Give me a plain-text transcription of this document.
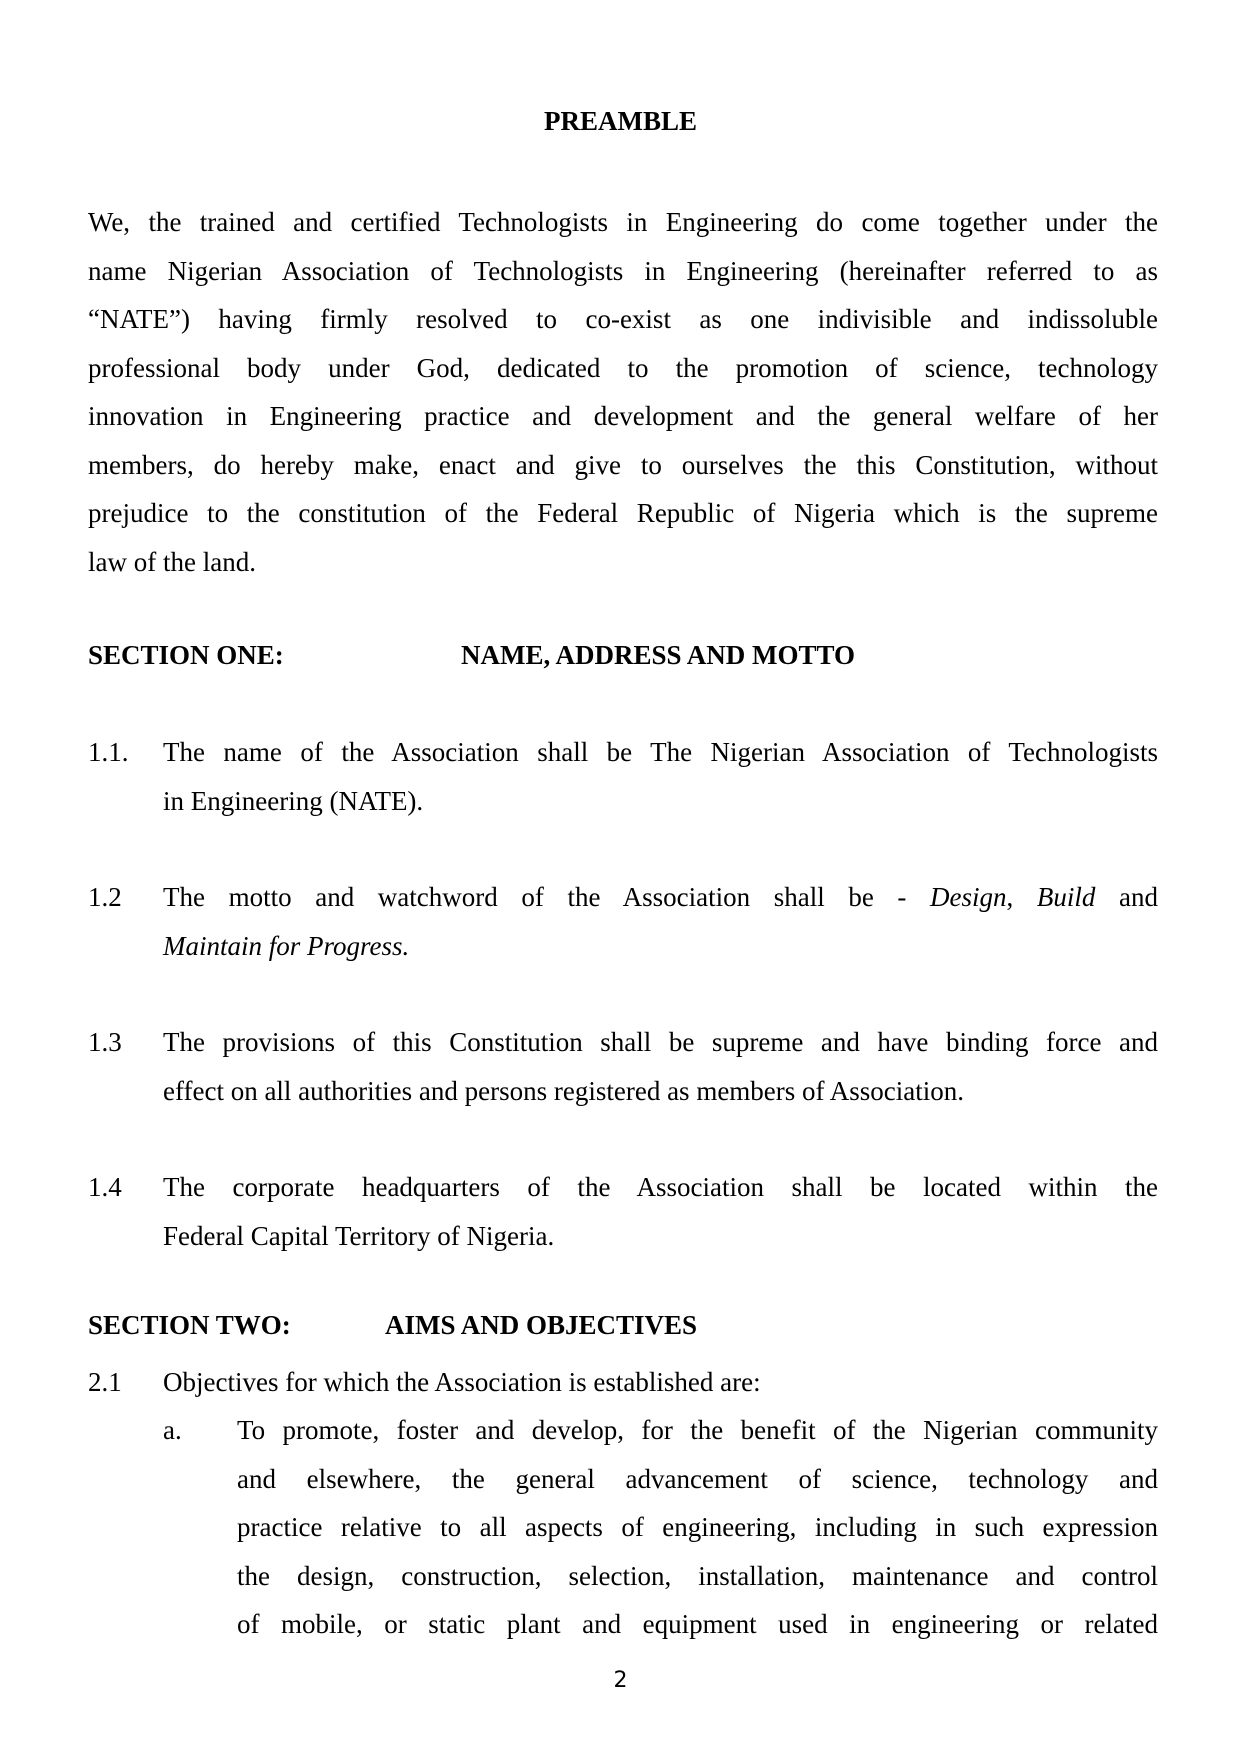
PREAMBLE
We, the trained and certified Technologists in Engineering do come together under the
name Nigerian Association of Technologists in Engineering (hereinafter referred to as
“NATE”) having firmly resolved to co-exist as one indivisible and indissoluble
professional body under God, dedicated to the promotion of science, technology
innovation in Engineering practice and development and the general welfare of her
members, do hereby make, enact and give to ourselves the this Constitution, without
prejudice to the constitution of the Federal Republic of Nigeria which is the supreme
law of the land.
SECTION ONE:	NAME, ADDRESS AND MOTTO
1.1. The name of the Association shall be The Nigerian Association of Technologists
in Engineering (NATE).
1.2 The motto and watchword of the Association shall be - Design, Build and
Maintain for Progress.
1.3 The provisions of this Constitution shall be supreme and have binding force and
effect on all authorities and persons registered as members of Association.
1.4 The corporate headquarters of the Association shall be located within the
Federal Capital Territory of Nigeria.
SECTION TWO:	AIMS AND OBJECTIVES
2.1 Objectives for which the Association is established are:
a. To promote, foster and develop, for the benefit of the Nigerian community
and elsewhere, the general advancement of science, technology and
practice relative to all aspects of engineering, including in such expression
the design, construction, selection, installation, maintenance and control
of mobile, or static plant and equipment used in engineering or related
2
